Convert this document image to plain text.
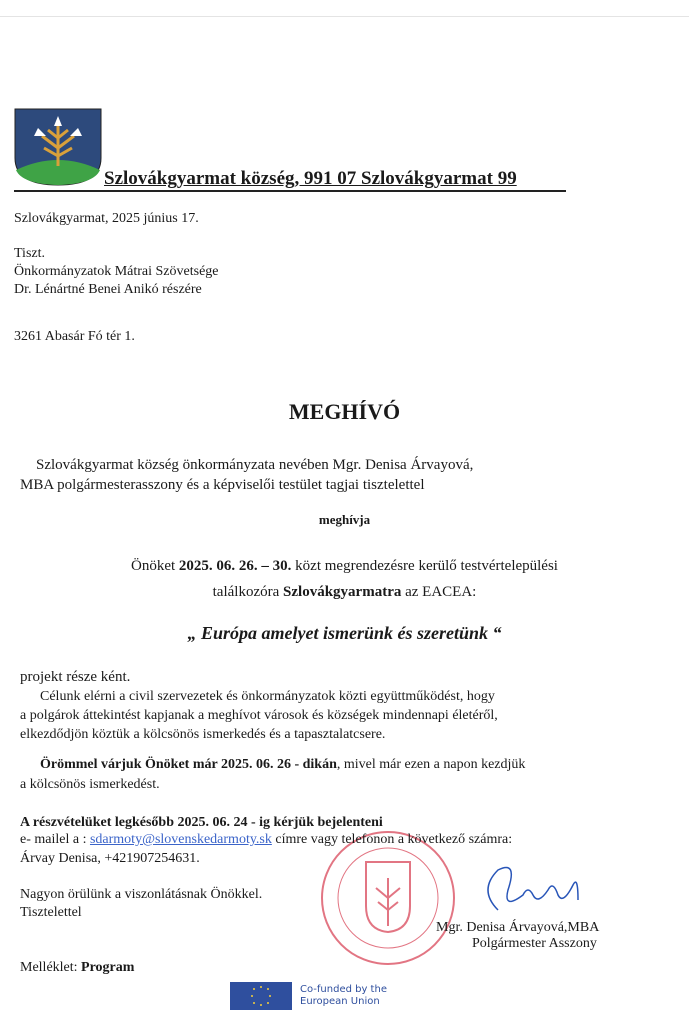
Szlovákgyarmat község, 991 07 Szlovákgyarmat 99
Szlovákgyarmat, 2025 június 17.
Tiszt.
Önkormányzatok Mátrai Szövetsége
Dr. Lénártné Benei Anikó részére
3261 Abasár Fó tér 1.
MEGHÍVÓ
Szlovákgyarmat község önkormányzata nevében Mgr. Denisa Árvayová,
MBA polgármesterasszony és a képviselői testület tagjai tisztelettel
meghívja
Önöket 2025. 06. 26. – 30. közt megrendezésre kerülő testvértelepülési
találkozóra Szlovákgyarmatra az EACEA:
„ Európa amelyet ismerünk és szeretünk “
projekt része ként.
Célunk elérni a civil szervezetek és önkormányzatok közti együttműködést, hogy
a polgárok áttekintést kapjanak a meghívot városok és községek mindennapi életéről,
elkezdődjön köztük a kölcsönös ismerkedés és a tapasztalatcsere.
Örömmel várjuk Önöket már 2025. 06. 26 - dikán, mivel már ezen a napon kezdjük
a kölcsönös ismerkedést.
A részvételüket legkésőbb 2025. 06. 24 - ig kérjük bejelenteni
e- mailel a : sdarmoty@slovenskedarmoty.sk címre vagy telefonon a következő számra:
Árvay Denisa, +421907254631.
Nagyon örülünk a viszonlátásnak Önökkel.
Tisztelettel
Mgr. Denisa Árvayová,MBA
Polgármester Asszony
Melléklet: Program
Co-funded by the
European Union
